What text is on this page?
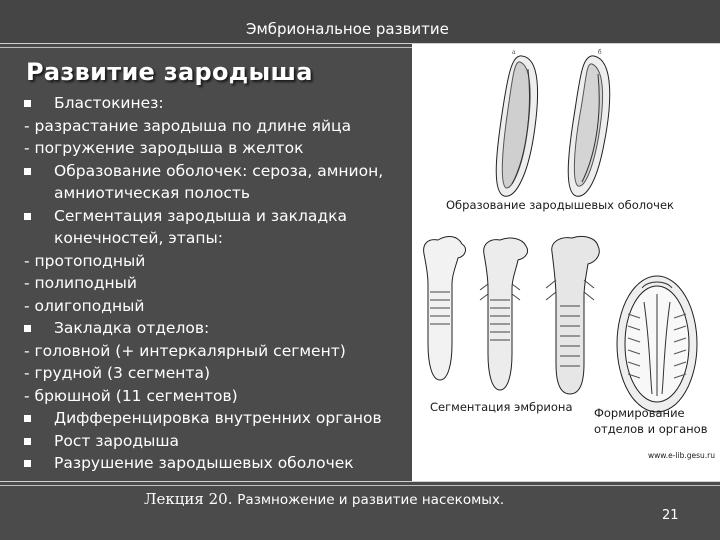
Эмбриональное развитие
Развитие зародыша
Бластокинез:
- разрастание зародыша по длине яйца
- погружение зародыша в желток
Образование оболочек: сероза, амнион,
амниотическая полость
Сегментация зародыша и закладка
конечностей, этапы:
- протоподный
- полиподный
- олигоподный
Закладка отделов:
- головной (+ интеркалярный сегмент)
- грудной (3 сегмента)
- брюшной (11 сегментов)
Дифференцировка внутренних органов
Рост зародыша
Разрушение зародышевых оболочек
a	б
Образование зародышевых оболочек
Сегментация эмбриона Формирование
отделов и органов
www.e-lib.gesu.ru
Лекция 20. Размножение и развитие насекомых.
21
